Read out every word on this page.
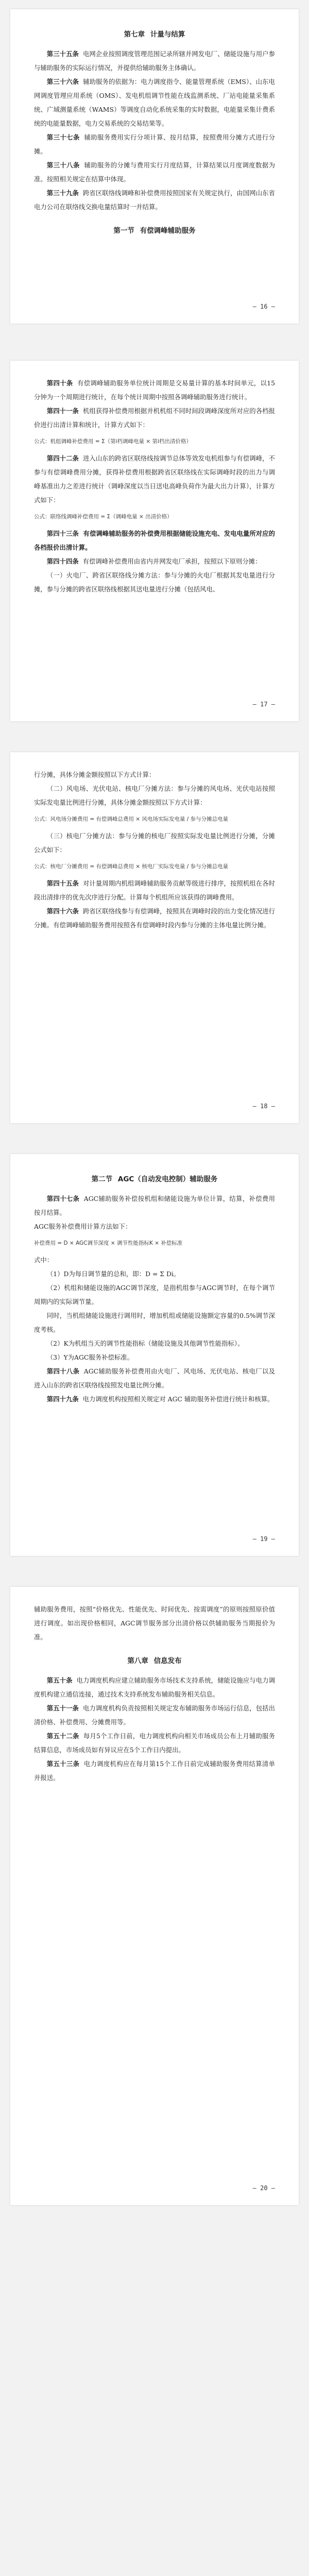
第七章 计量与结算

第三十五条  电网企业按照调度管理范围记录所辖并网发电厂、储能设施与用户参与辅助服务的实际运行情况，并提供给辅助服务主体确认。

第三十六条  辅助服务的依据为：电力调度指令、能量管理系统（EMS）、山东电网调度管理应用系统（OMS）、发电机组调节性能在线监测系统、厂站电能量采集系统、广域测量系统（WAMS）等调度自动化系统采集的实时数据，电能量采集计费系统的电能量数据，电力交易系统的交易结果等。

第三十七条  辅助服务费用实行分项计算、按月结算，按照费用分摊方式进行分摊。

第三十八条  辅助服务的分摊与费用实行月度结算，计算结果以月度调度数据为准。按照相关规定在结算中体现。

第三十九条  跨省区联络线调峰和补偿费用按照国家有关规定执行，由国网山东省电力公司在联络线交换电量结算时一并结算。

第一节 有偿调峰辅助服务
— 16 —

第四十条  有偿调峰辅助服务单位统计周期是交易量计算的基本时间单元，以15分钟为一个周期进行统计，在每个统计周期中按照各调峰辅助服务进行统计。

第四十一条  机组获得补偿费用根据并机机组不同时间段调峰深度所对应的各档报价进行出清计算和统计，计算方式如下：

公式：机组调峰补偿费用 = Σ（第i档调峰电量 × 第i档出清价格）

第四十二条  进入山东的跨省区联络线按调节总体等效发电机组参与有偿调峰，不参与有偿调峰费用分摊，获得补偿费用根据跨省区联络线在实际调峰时段的出力与调峰基准出力之差进行统计（调峰深度以当日送电高峰负荷作为最大出力计算），计算方式如下：

公式：联络线调峰补偿费用 = Σ（调峰电量 × 出清价格）

第四十三条  有偿调峰辅助服务的补偿费用根据储能设施充电、发电电量所对应的各档报价出清计算。

第四十四条  有偿调峰补偿费用由省内并网发电厂承担，按照以下原则分摊：

（一）火电厂、跨省区联络线分摊方法：参与分摊的火电厂根据其发电量进行分摊，参与分摊的跨省区联络线根据其送电量进行分摊（包括风电、

— 17 —

行分摊，具体分摊金额按照以下方式计算：

（二）风电场、光伏电站、核电厂分摊方法：参与分摊的风电场、光伏电站按照实际发电量比例进行分摊，具体分摊金额按照以下方式计算：

公式：风电场分摊费用 = 有偿调峰总费用 × 风电场实际发电量 / 参与分摊总电量

（三）核电厂分摊方法：参与分摊的核电厂按照实际发电量比例进行分摊，分摊公式如下：

公式：核电厂分摊费用 = 有偿调峰总费用 × 核电厂实际发电量 / 参与分摊总电量

第四十五条  对计量周期内机组调峰辅助服务贡献等级进行排序，按照机组在各时段出清排序的优先次序进行分配。计算每个机组所应该获得的调峰费用。

第四十六条  跨省区联络线参与有偿调峰，按照其在调峰时段的出力变化情况进行分摊。有偿调峰辅助服务费用按照各有偿调峰时段内参与分摊的主体电量比例分摊。

— 18 —
第二节 AGC（自动发电控制）辅助服务

第四十七条  AGC辅助服务补偿按机组和储能设施为单位计算，结算，补偿费用按月结算。

AGC服务补偿费用计算方法如下：

补偿费用 = D × AGC调节深度 × 调节性能指标K × 补偿标准

式中：

（1）D为每日调节量的总和，即：D = Σ Di。

（2）机组和储能设施的AGC调节深度，是指机组参与AGC调节时，在每个调节周期内的实际调节量。

同时，当机组储能设施进行调用时，增加机组或储能设施额定容量的0.5%调节深度考核。

（2）K为机组当天的调节性能指标（储能设施及其他调节性能指标）。

（3）Y为AGC服务补偿标准。

第四十八条  AGC辅助服务补偿费用由火电厂、风电场、光伏电站、核电厂以及进入山东的跨省区联络线按照发电量比例分摊。

第四十九条  电力调度机构按照相关规定对 AGC 辅助服务补偿进行统计和核算。

— 19 —

辅助服务费用，按照“价格优先、性能优先、时间优先、按需调度”的原则按照原价值进行调度。如出现价格相同，AGC调节服务部分出清价格以供辅助服务当期报价为准。

第八章 信息发布

第五十条  电力调度机构应建立辅助服务市场技术支持系统，储能设施应与电力调度机构建立通信连接，通过技术支持系统发布辅助服务相关信息。

第五十一条  电力调度机构负责按照相关规定发布辅助服务市场运行信息，包括出清价格、补偿费用、分摊费用等。

第五十二条  每月5个工作日前，电力调度机构向相关市场成员公布上月辅助服务结算信息，市场成员如有异议应在5个工作日内提出。

第五十三条  电力调度机构应在每月第15个工作日前完成辅助服务费用结算清单并报送。

— 20 —
